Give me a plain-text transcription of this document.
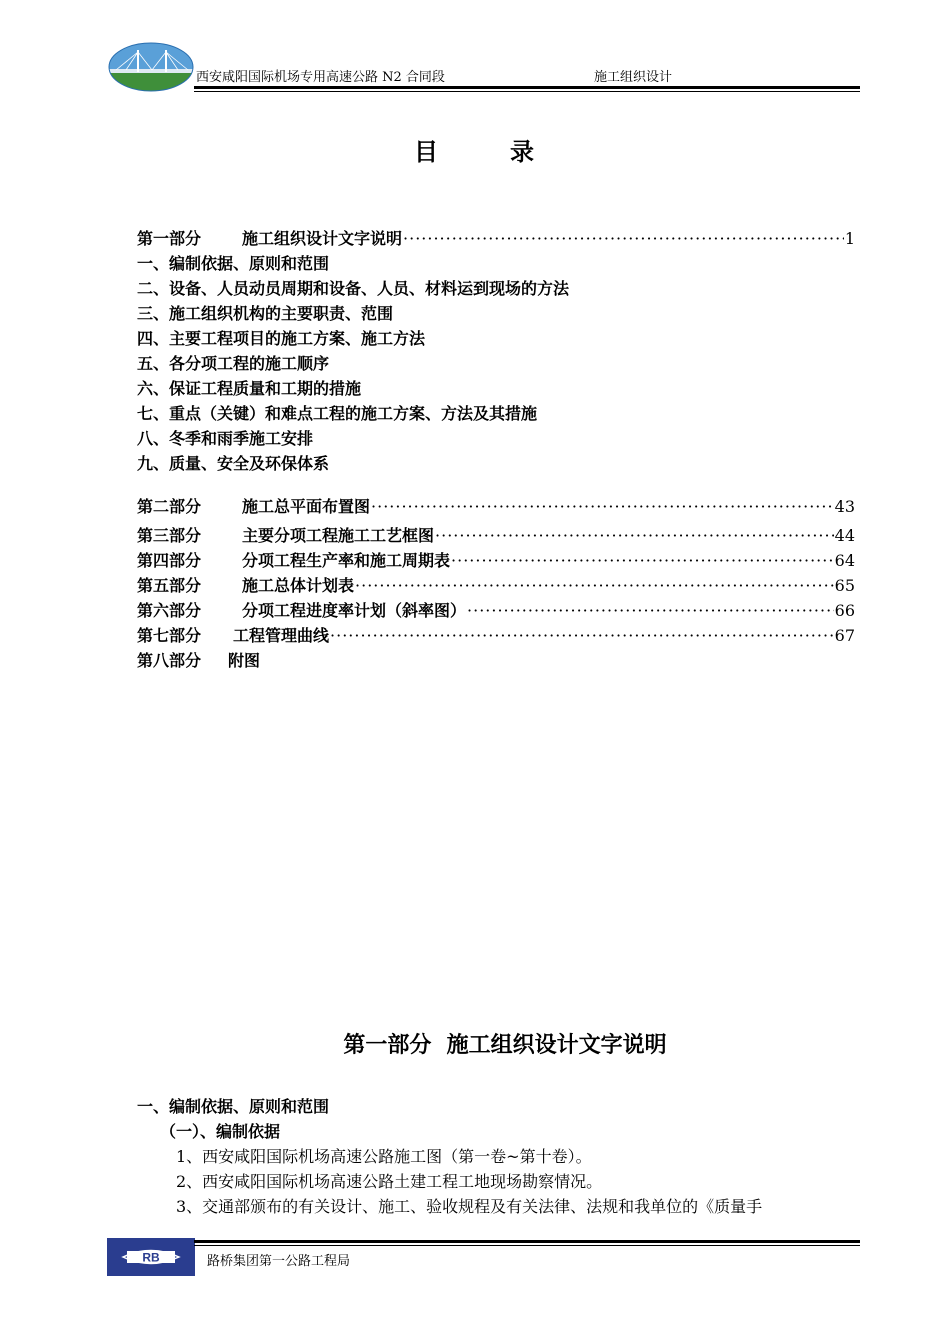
西安咸阳国际机场专用高速公路 N2 合同段	施工组织设计
目	录
第一部分	施工组织设计文字说明 ·····	1
一、编制依据、原则和范围
二、设备、人员动员周期和设备、人员、材料运到现场的方法
三、施工组织机构的主要职责、范围
四、主要工程项目的施工方案、施工方法
五、各分项工程的施工顺序
六、保证工程质量和工期的措施
七、重点（关键）和难点工程的施工方案、方法及其措施
八、冬季和雨季施工安排
九、质量、安全及环保体系
第二部分	施工总平面布置图 ·····	43
第三部分	主要分项工程施工工艺框图 ·····	44
第四部分	分项工程生产率和施工周期表 ·····	64
第五部分	施工总体计划表 ·····	65
第六部分	分项工程进度率计划（斜率图） ·····	66
第七部分	工程管理曲线 ·····	67
第八部分	附图
第一部分  施工组织设计文字说明
一、编制依据、原则和范围
（一）、编制依据
1、西安咸阳国际机场高速公路施工图（第一卷~第十卷）。
2、西安咸阳国际机场高速公路土建工程工地现场勘察情况。
3、交通部颁布的有关设计、施工、验收规程及有关法律、法规和我单位的《质量手
RB	路桥集团第一公路工程局
